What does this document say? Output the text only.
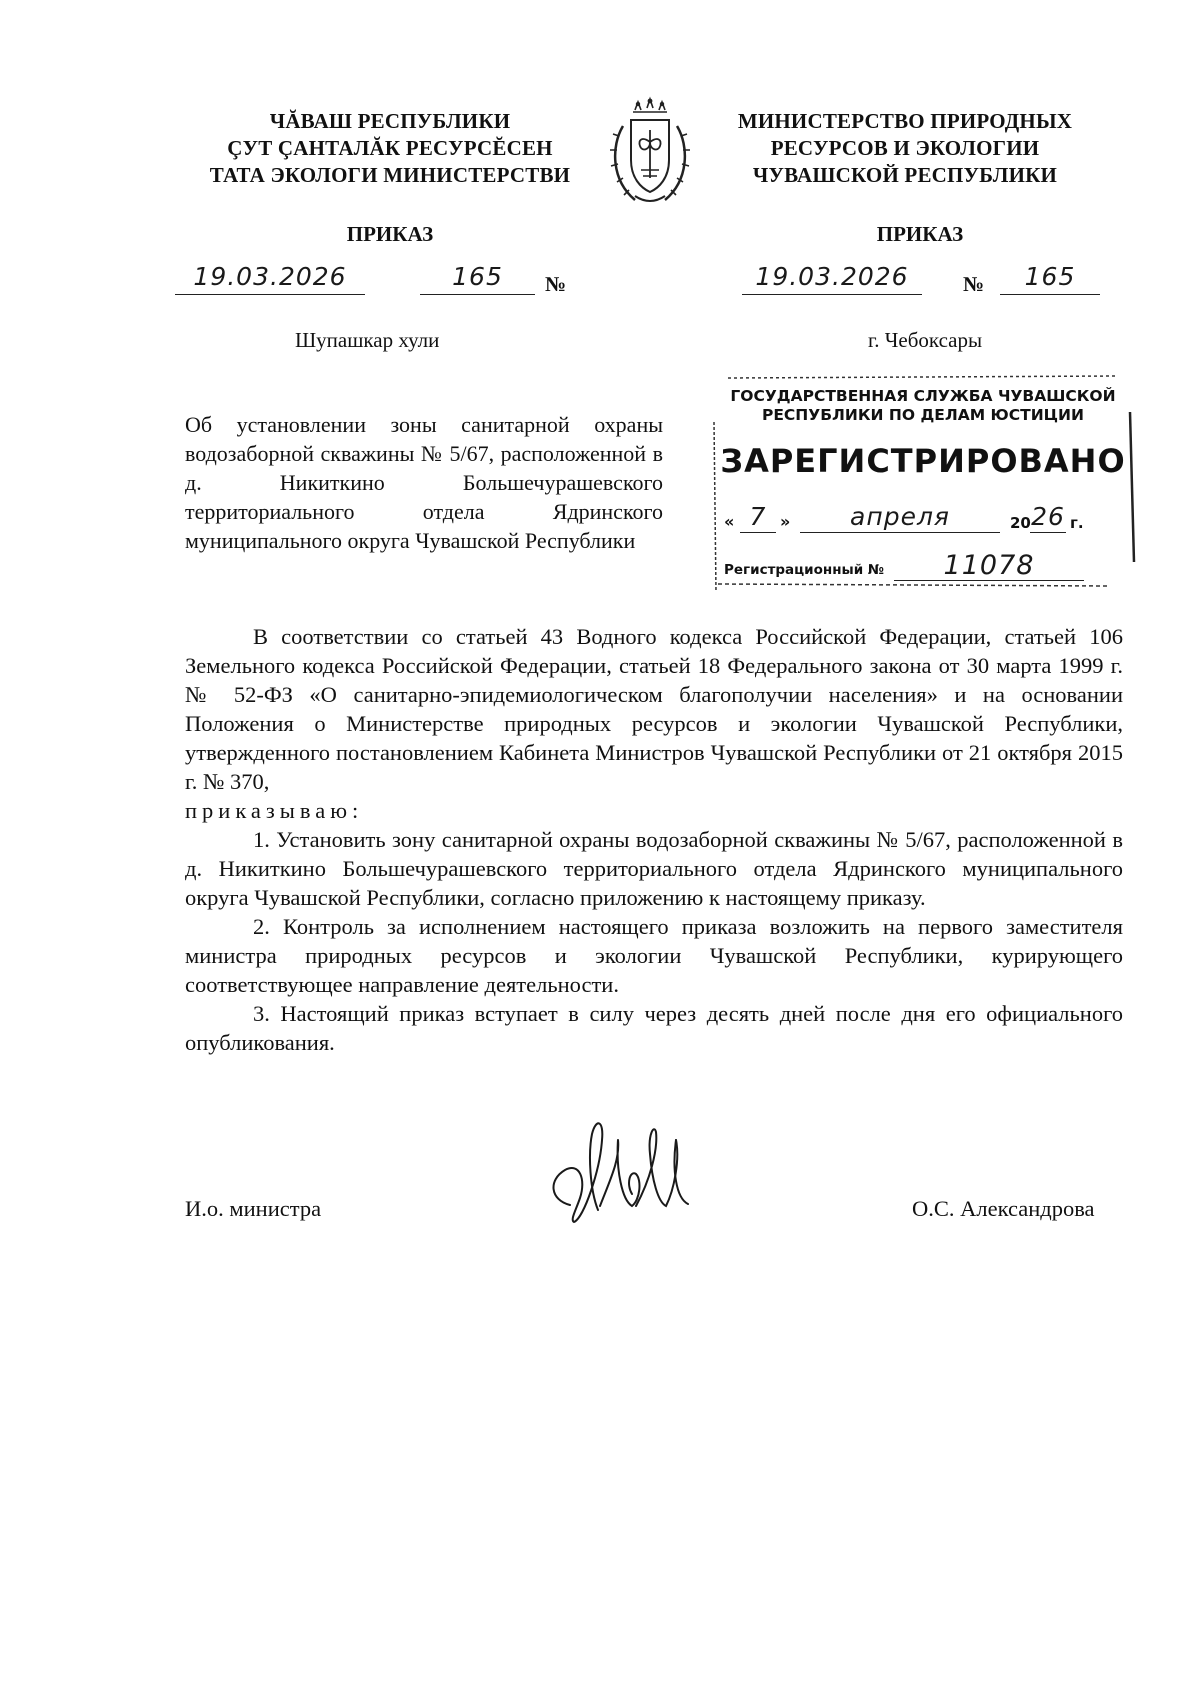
ЧĂВАШ РЕСПУБЛИКИ
ÇУТ ÇАНТАЛĂК РЕСУРСĔСЕН
ТАТА ЭКОЛОГИ МИНИСТЕРСТВИ
МИНИСТЕРСТВО ПРИРОДНЫХ
РЕСУРСОВ И ЭКОЛОГИИ
ЧУВАШСКОЙ РЕСПУБЛИКИ
ПРИКАЗ	ПРИКАЗ
19.03.2026	165	№	19.03.2026	№	165
Шупашкар хули	г. Чебоксары
Об установлении зоны санитарной охраны водозаборной скважины № 5/67, расположенной в д. Никиткино Большечурашевского территориального отдела Ядринского муниципального округа Чувашской Республики
ГОСУДАРСТВЕННАЯ СЛУЖБА ЧУВАШСКОЙ
РЕСПУБЛИКИ ПО ДЕЛАМ ЮСТИЦИИ
ЗАРЕГИСТРИРОВАНО
« 7 »	апреля	20 26 г.
Регистрационный №	11078

В соответствии со статьей 43 Водного кодекса Российской Федерации, статьей 106 Земельного кодекса Российской Федерации, статьей 18 Федерального закона от 30 марта 1999 г. № 52-ФЗ «О санитарно-эпидемиологическом благополучии населения» и на основании Положения о Министерстве природных ресурсов и экологии Чувашской Республики, утвержденного постановлением Кабинета Министров Чувашской Республики от 21 октября 2015 г. № 370,

приказываю:

1. Установить зону санитарной охраны водозаборной скважины № 5/67, расположенной в д. Никиткино Большечурашевского территориального отдела Ядринского муниципального округа Чувашской Республики, согласно приложению к настоящему приказу.

2. Контроль за исполнением настоящего приказа возложить на первого заместителя министра природных ресурсов и экологии Чувашской Республики, курирующего соответствующее направление деятельности.

3. Настоящий приказ вступает в силу через десять дней после дня его официального опубликования.

И.о. министра	О.С. Александрова
